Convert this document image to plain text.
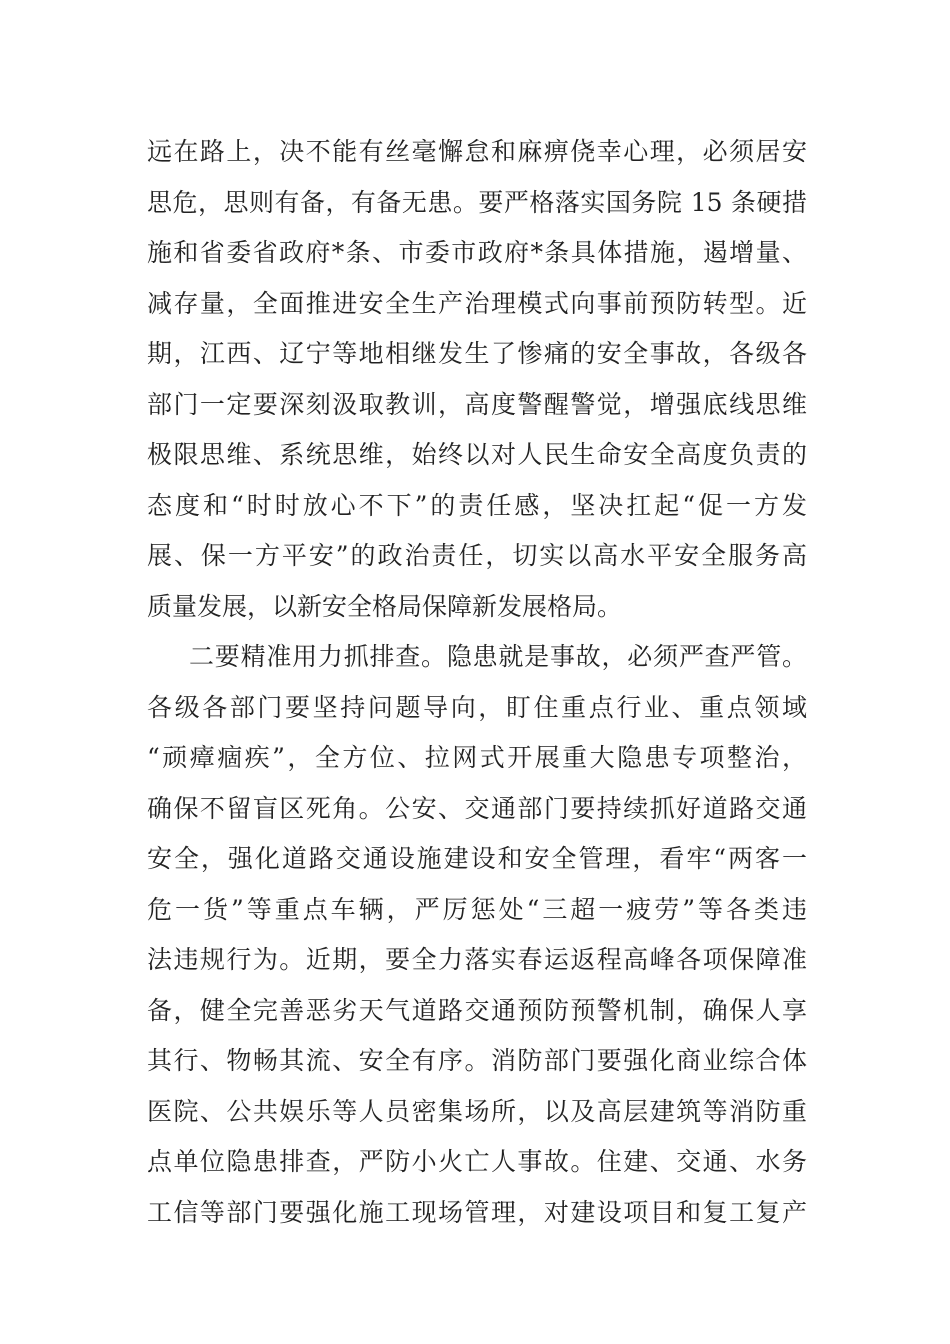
远在路上，决不能有丝毫懈怠和麻痹侥幸心理，必须居安
思危，思则有备，有备无患。要严格落实国务院 15 条硬措
施和省委省政府*条、市委市政府*条具体措施，遏增量、
减存量，全面推进安全生产治理模式向事前预防转型。近
期，江西、辽宁等地相继发生了惨痛的安全事故，各级各
部门一定要深刻汲取教训，高度警醒警觉，增强底线思维
极限思维、系统思维，始终以对人民生命安全高度负责的
态度和“时时放心不下”的责任感，坚决扛起“促一方发
展、保一方平安”的政治责任，切实以高水平安全服务高
质量发展，以新安全格局保障新发展格局。
二要精准用力抓排查。隐患就是事故，必须严查严管。
各级各部门要坚持问题导向，盯住重点行业、重点领域
“顽瘴痼疾”，全方位、拉网式开展重大隐患专项整治，
确保不留盲区死角。公安、交通部门要持续抓好道路交通
安全，强化道路交通设施建设和安全管理，看牢“两客一
危一货”等重点车辆，严厉惩处“三超一疲劳”等各类违
法违规行为。近期，要全力落实春运返程高峰各项保障准
备，健全完善恶劣天气道路交通预防预警机制，确保人享
其行、物畅其流、安全有序。消防部门要强化商业综合体
医院、公共娱乐等人员密集场所，以及高层建筑等消防重
点单位隐患排查，严防小火亡人事故。住建、交通、水务
工信等部门要强化施工现场管理，对建设项目和复工复产
